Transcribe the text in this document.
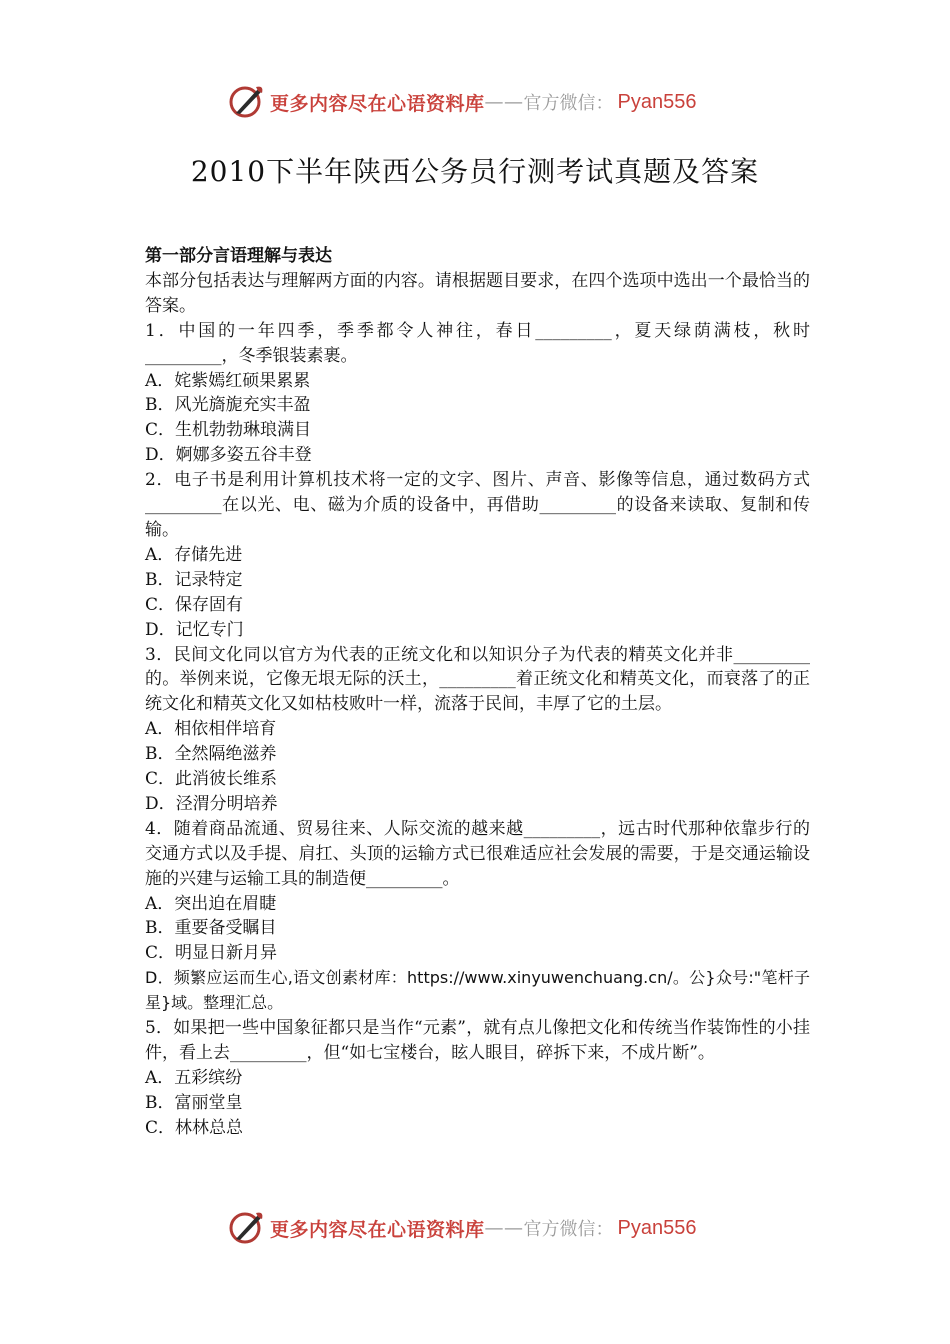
更多内容尽在心语资料库 —— 官方微信： Pyan556
2010下半年陕西公务员行测考试真题及答案

第一部分言语理解与表达

本部分包括表达与理解两方面的内容。请根据题目要求，在四个选项中选出一个最恰当的答案。

1．中国的一年四季，季季都令人神往，春日_________，夏天绿荫满枝，秋时_________，冬季银装素裹。

A．姹紫嫣红硕果累累

B．风光旖旎充实丰盈

C．生机勃勃琳琅满目

D．婀娜多姿五谷丰登

2．电子书是利用计算机技术将一定的文字、图片、声音、影像等信息，通过数码方式_________在以光、电、磁为介质的设备中，再借助_________的设备来读取、复制和传输。

A．存储先进

B．记录特定

C．保存固有

D．记忆专门

3．民间文化同以官方为代表的正统文化和以知识分子为代表的精英文化并非_________的。举例来说，它像无垠无际的沃土，_________着正统文化和精英文化，而衰落了的正统文化和精英文化又如枯枝败叶一样，流落于民间，丰厚了它的土层。

A．相依相伴培育

B．全然隔绝滋养

C．此消彼长维系

D．泾渭分明培养

4．随着商品流通、贸易往来、人际交流的越来越_________，远古时代那种依靠步行的交通方式以及手提、肩扛、头顶的运输方式已很难适应社会发展的需要，于是交通运输设施的兴建与运输工具的制造便_________。

A．突出迫在眉睫

B．重要备受瞩目

C．明显日新月异

D．频繁应运而生心,语文创素材库：https://www.xinyuwenchuang.cn/。公}众号:"笔杆子星}域。整理汇总。

5．如果把一些中国象征都只是当作“元素”，就有点儿像把文化和传统当作装饰性的小挂件，看上去_________，但“如七宝楼台，眩人眼目，碎拆下来，不成片断”。

A．五彩缤纷

B．富丽堂皇

C．林林总总

更多内容尽在心语资料库 —— 官方微信： Pyan556
